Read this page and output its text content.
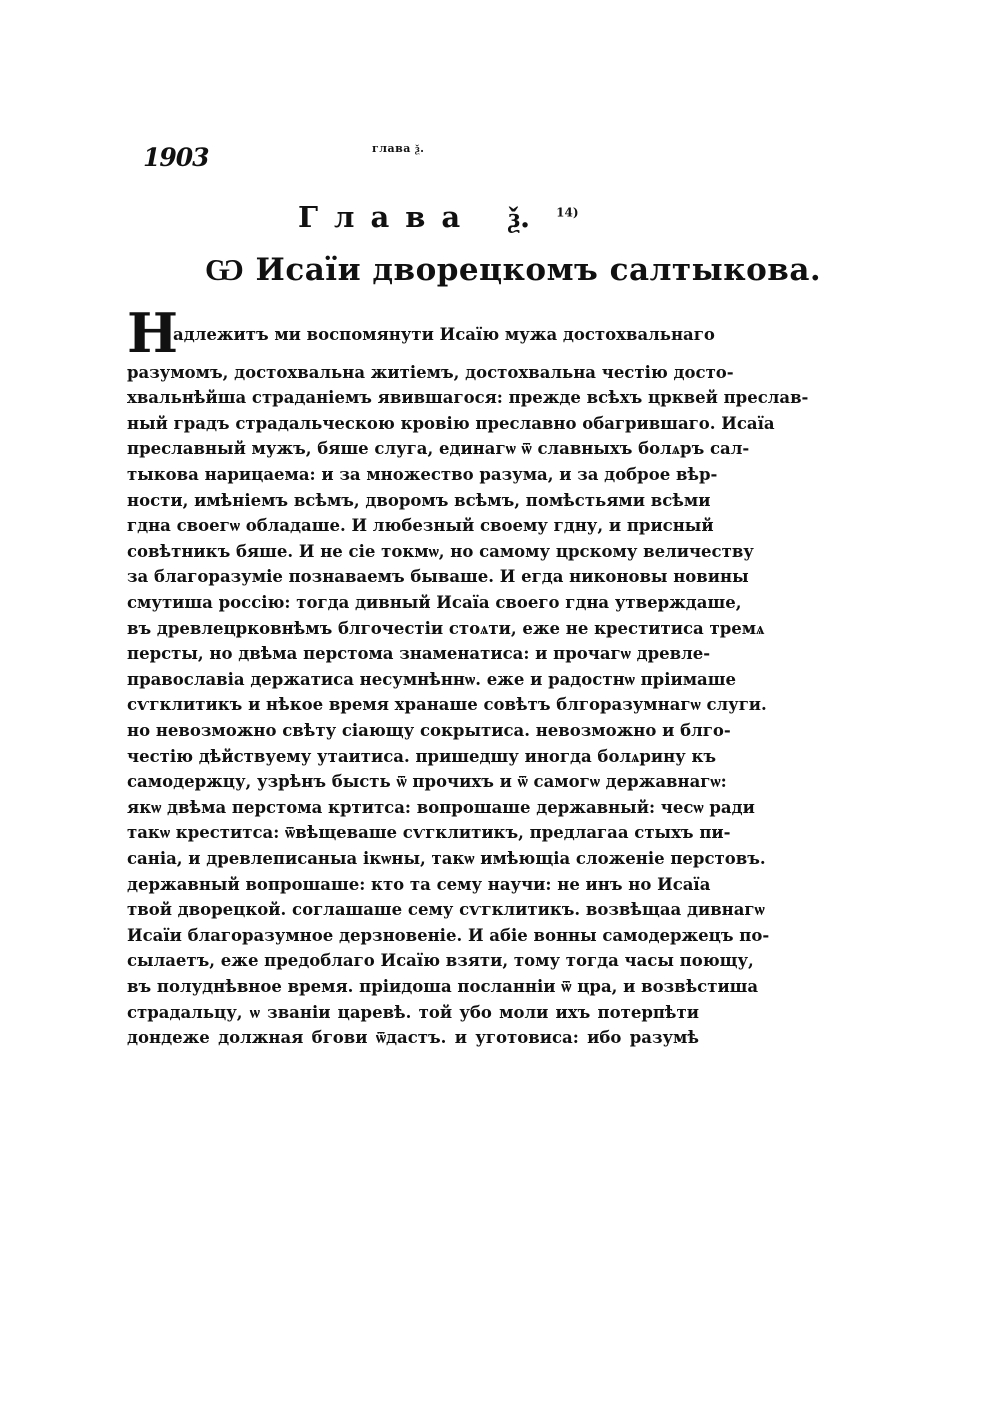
1903	глава ѯ.
Глава ѯ. $^{14)}$
Ѡ Исаїи дворецкомъ салтыкова.
Н
адлежитъ ми воспомянути Исаїю мужа достохвальнаго
разумомъ, достохвальна житіемъ, достохвальна честію досто-
хвальнѣйша страданіемъ явившагося: прежде всѣхъ црквей преслав-
ный градъ страдальческою кровію преславно обагрившаго. Исаїа
преславный мужъ, бяше слуга, единагѡ ѿ славныхъ болѧръ сал-
тыкова нарицаема: и за множество разума, и за доброе вѣр-
ности, имѣніемъ всѣмъ, дворомъ всѣмъ, помѣстьями всѣми
гдна своегѡ обладаше. И любезный своему гдну, и присный
совѣтникъ бяше. И не сіе токмѡ, но самому црскому величеству
за благоразуміе познаваемъ бываше. И егда никоновы новины
смутиша россію: тогда дивный Исаїа своего гдна утверждаше,
въ древлецрковнѣмъ блгочестіи стоѧти, еже не креститиса тремѧ
персты, но двѣма перстома знаменатиса: и прочагѡ древле-
православіа держатиса несумнѣннѡ. еже и радостнѡ пріимаше
сѵгклитикъ и нѣкое время хранаше совѣтъ блгоразумнагѡ слуги.
но невозможно свѣту сіающу сокрытиса. невозможно и блго-
честію дѣйствуему утаитиса. пришедшу иногда болѧрину къ
самодержцу, узрѣнъ бысть ѿ прочихъ и ѿ самогѡ державнагѡ:
якѡ двѣма перстома кртитса: вопрошаше державный: чесѡ ради
такѡ креститса: ѿвѣщеваше сѵгклитикъ, предлагаа стыхъ пи-
саніа, и древлеписаныа ікѡны, такѡ имѣющіа сложеніе перстовъ.
державный вопрошаше: кто та сему научи: не инъ но Исаїа
твой дворецкой. соглашаше сему сѵгклитикъ. возвѣщаа дивнагѡ
Исаїи благоразумное дерзновеніе. И абіе вонны самодержецъ по-
сылаетъ, еже предоблаго Исаїю взяти, тому тогда часы поющу,
въ полуднѣвное время. пріидоша посланніи ѿ цра, и возвѣстиша
страдальцу, ѡ званіи царевѣ. той убо моли ихъ потерпѣти
дондеже должная бгови ѿдастъ. и уготовиса: ибо разумѣ
